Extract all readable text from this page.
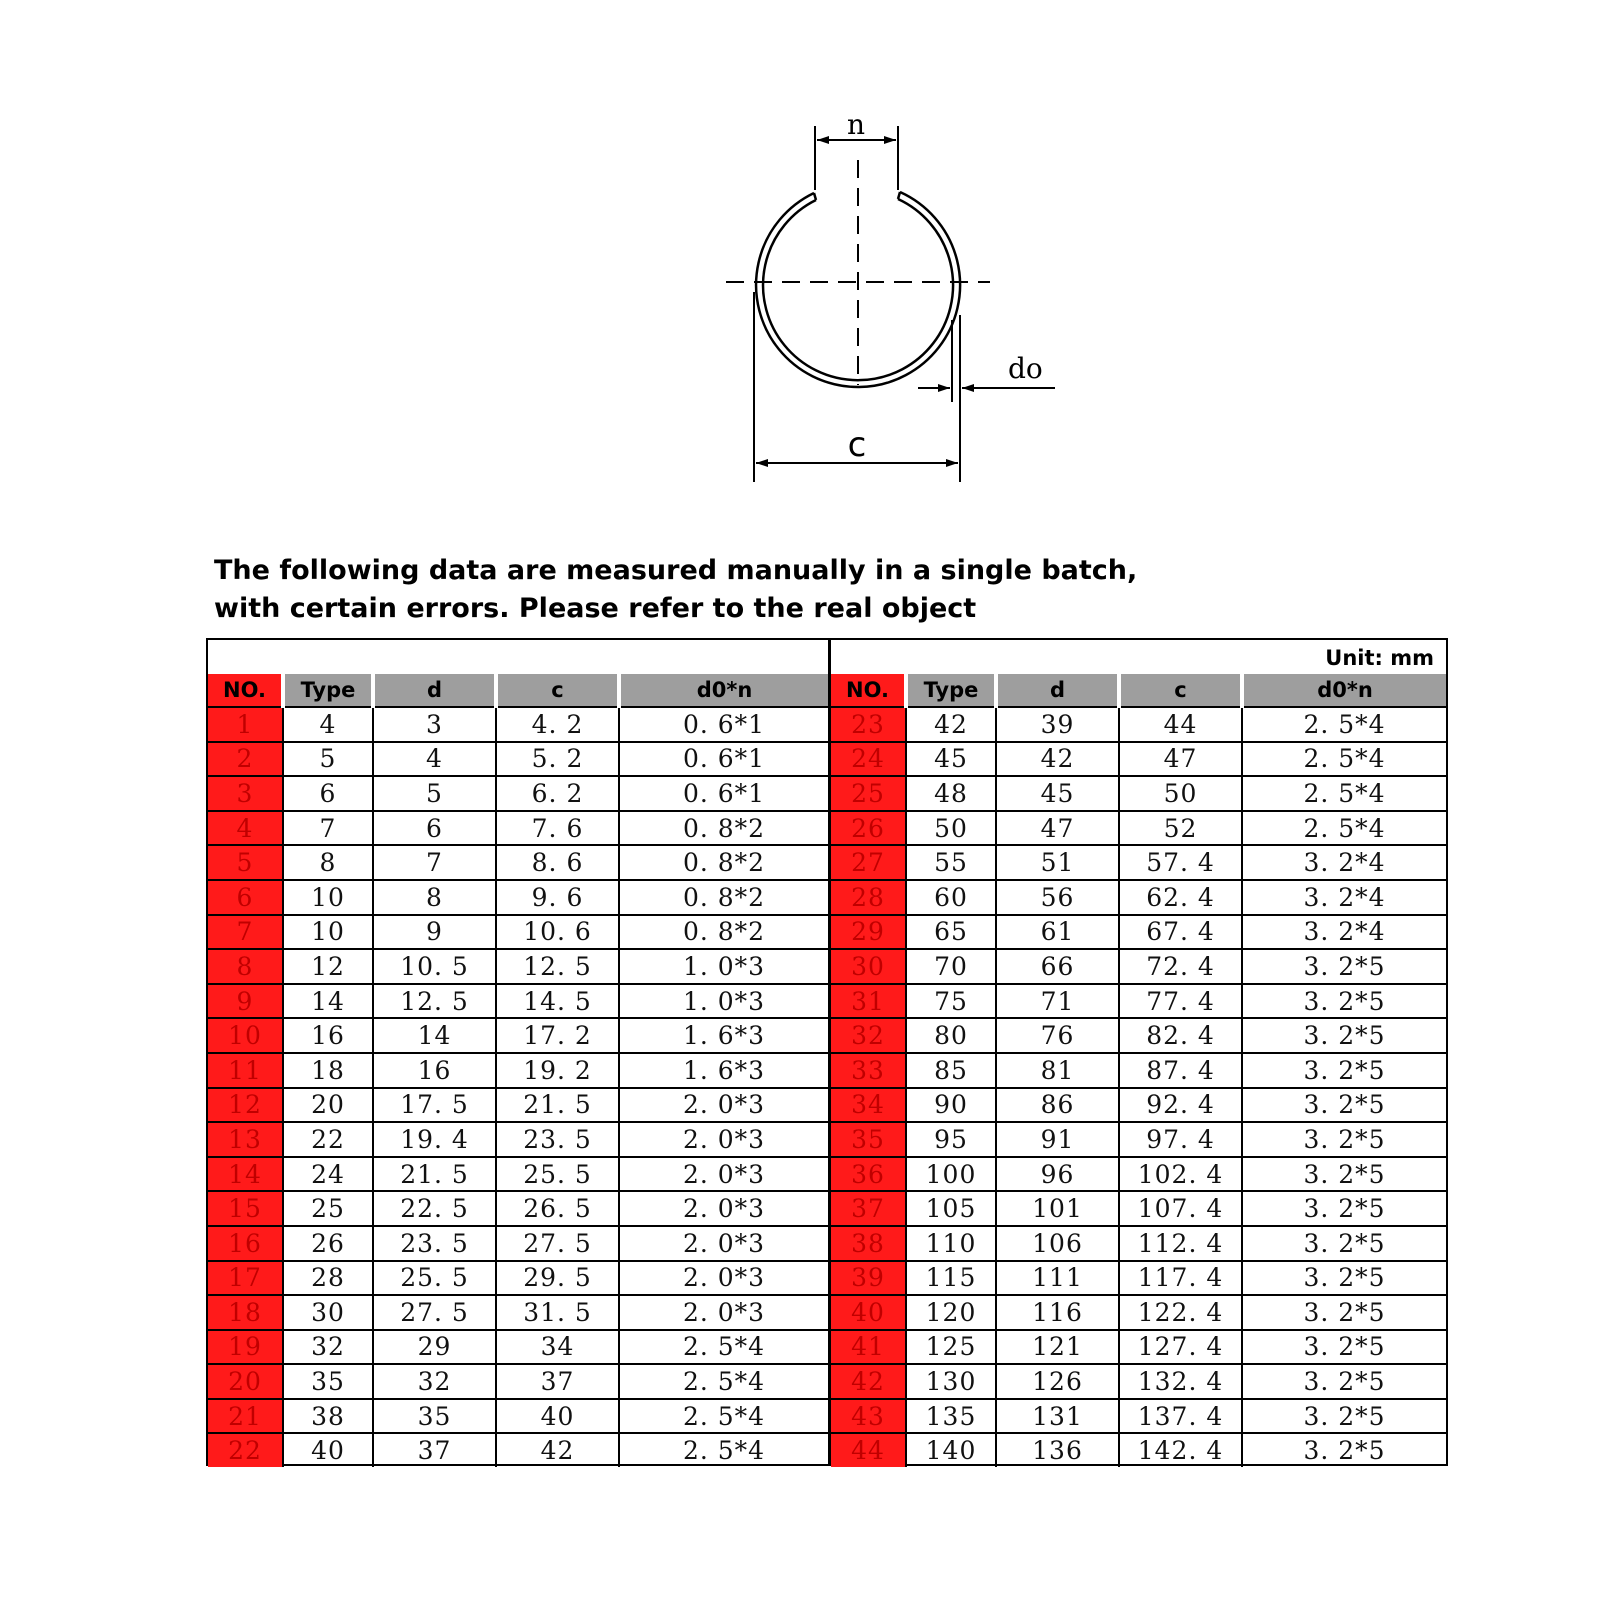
n
do
c
The following data are measured manually in a single batch,
with certain errors. Please refer to the real object
Unit: mm
NO.	Type	d	c	d0*n
1	4	3	4. 2	0. 6*1
2	5	4	5. 2	0. 6*1
3	6	5	6. 2	0. 6*1
4	7	6	7. 6	0. 8*2
5	8	7	8. 6	0. 8*2
6	10	8	9. 6	0. 8*2
7	10	9	10. 6	0. 8*2
8	12	10. 5	12. 5	1. 0*3
9	14	12. 5	14. 5	1. 0*3
10	16	14	17. 2	1. 6*3
11	18	16	19. 2	1. 6*3
12	20	17. 5	21. 5	2. 0*3
13	22	19. 4	23. 5	2. 0*3
14	24	21. 5	25. 5	2. 0*3
15	25	22. 5	26. 5	2. 0*3
16	26	23. 5	27. 5	2. 0*3
17	28	25. 5	29. 5	2. 0*3
18	30	27. 5	31. 5	2. 0*3
19	32	29	34	2. 5*4
20	35	32	37	2. 5*4
21	38	35	40	2. 5*4
22	40	37	42	2. 5*4
NO.	Type	d	c	d0*n
23	42	39	44	2. 5*4
24	45	42	47	2. 5*4
25	48	45	50	2. 5*4
26	50	47	52	2. 5*4
27	55	51	57. 4	3. 2*4
28	60	56	62. 4	3. 2*4
29	65	61	67. 4	3. 2*4
30	70	66	72. 4	3. 2*5
31	75	71	77. 4	3. 2*5
32	80	76	82. 4	3. 2*5
33	85	81	87. 4	3. 2*5
34	90	86	92. 4	3. 2*5
35	95	91	97. 4	3. 2*5
36	100	96	102. 4	3. 2*5
37	105	101	107. 4	3. 2*5
38	110	106	112. 4	3. 2*5
39	115	111	117. 4	3. 2*5
40	120	116	122. 4	3. 2*5
41	125	121	127. 4	3. 2*5
42	130	126	132. 4	3. 2*5
43	135	131	137. 4	3. 2*5
44	140	136	142. 4	3. 2*5
